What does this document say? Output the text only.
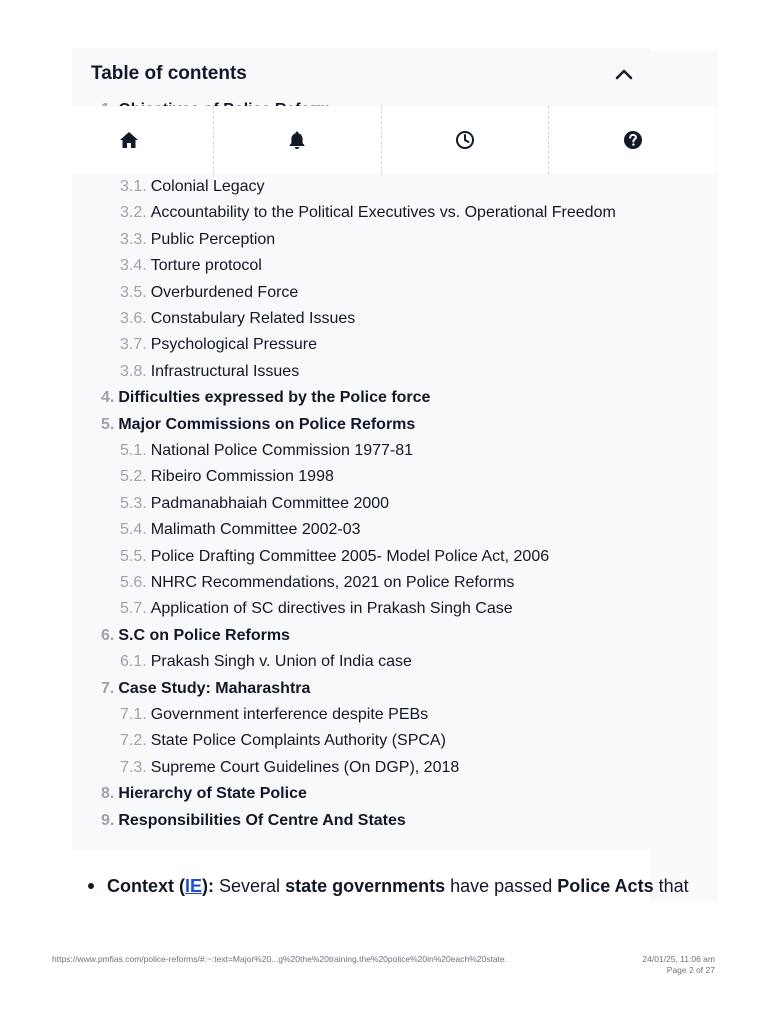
Table of contents
3.1. Colonial Legacy
3.2. Accountability to the Political Executives vs. Operational Freedom
3.3. Public Perception
3.4. Torture protocol
3.5. Overburdened Force
3.6. Constabulary Related Issues
3.7. Psychological Pressure
3.8. Infrastructural Issues
4. Difficulties expressed by the Police force
5. Major Commissions on Police Reforms
5.1. National Police Commission 1977-81
5.2. Ribeiro Commission 1998
5.3. Padmanabhaiah Committee 2000
5.4. Malimath Committee 2002-03
5.5. Police Drafting Committee 2005- Model Police Act, 2006
5.6. NHRC Recommendations, 2021 on Police Reforms
5.7. Application of SC directives in Prakash Singh Case
6. S.C on Police Reforms
6.1. Prakash Singh v. Union of India case
7. Case Study: Maharashtra
7.1. Government interference despite PEBs
7.2. State Police Complaints Authority (SPCA)
7.3. Supreme Court Guidelines (On DGP), 2018
8. Hierarchy of State Police
9. Responsibilities Of Centre And States
Context (IE): Several state governments have passed Police Acts that
https://www.pmfias.com/police-reforms/#:~:text=Major%20...g%20the%20training,the%20police%20in%20each%20state.	24/01/25, 11:06 am
Page 2 of 27
